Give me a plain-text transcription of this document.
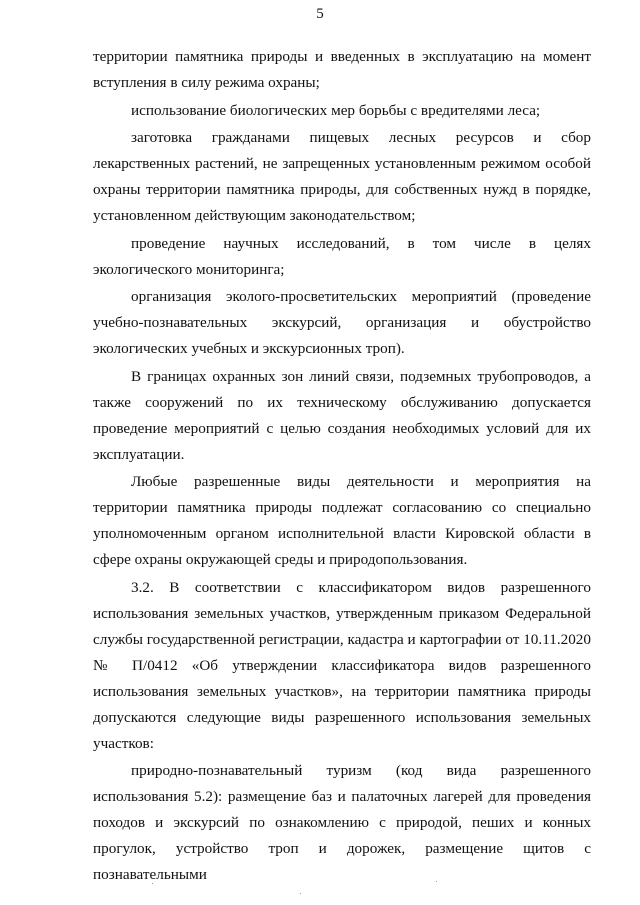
5

территории памятника природы и введенных в эксплуатацию на момент вступления в силу режима охраны;

использование биологических мер борьбы с вредителями леса;

заготовка гражданами пищевых лесных ресурсов и сбор лекарственных растений, не запрещенных установленным режимом особой охраны территории памятника природы, для собственных нужд в порядке, установленном действующим законодательством;

проведение научных исследований, в том числе в целях экологического мониторинга;

организация эколого-просветительских мероприятий (проведение учебно-познавательных экскурсий, организация и обустройство экологических учебных и экскурсионных троп).

В границах охранных зон линий связи, подземных трубопроводов, а также сооружений по их техническому обслуживанию допускается проведение мероприятий с целью создания необходимых условий для их эксплуатации.

Любые разрешенные виды деятельности и мероприятия на территории памятника природы подлежат согласованию со специально уполномоченным органом исполнительной власти Кировской области в сфере охраны окружающей среды и природопользования.

3.2. В соответствии с классификатором видов разрешенного использования земельных участков, утвержденным приказом Федеральной службы государственной регистрации, кадастра и картографии от 10.11.2020 № П/0412 «Об утверждении классификатора видов разрешенного использования земельных участков», на территории памятника природы допускаются следующие виды разрешенного использования земельных участков:

природно-познавательный туризм (код вида разрешенного использования 5.2): размещение баз и палаточных лагерей для проведения походов и экскурсий по ознакомлению с природой, пеших и конных прогулок, устройство троп и дорожек, размещение щитов с познавательными
